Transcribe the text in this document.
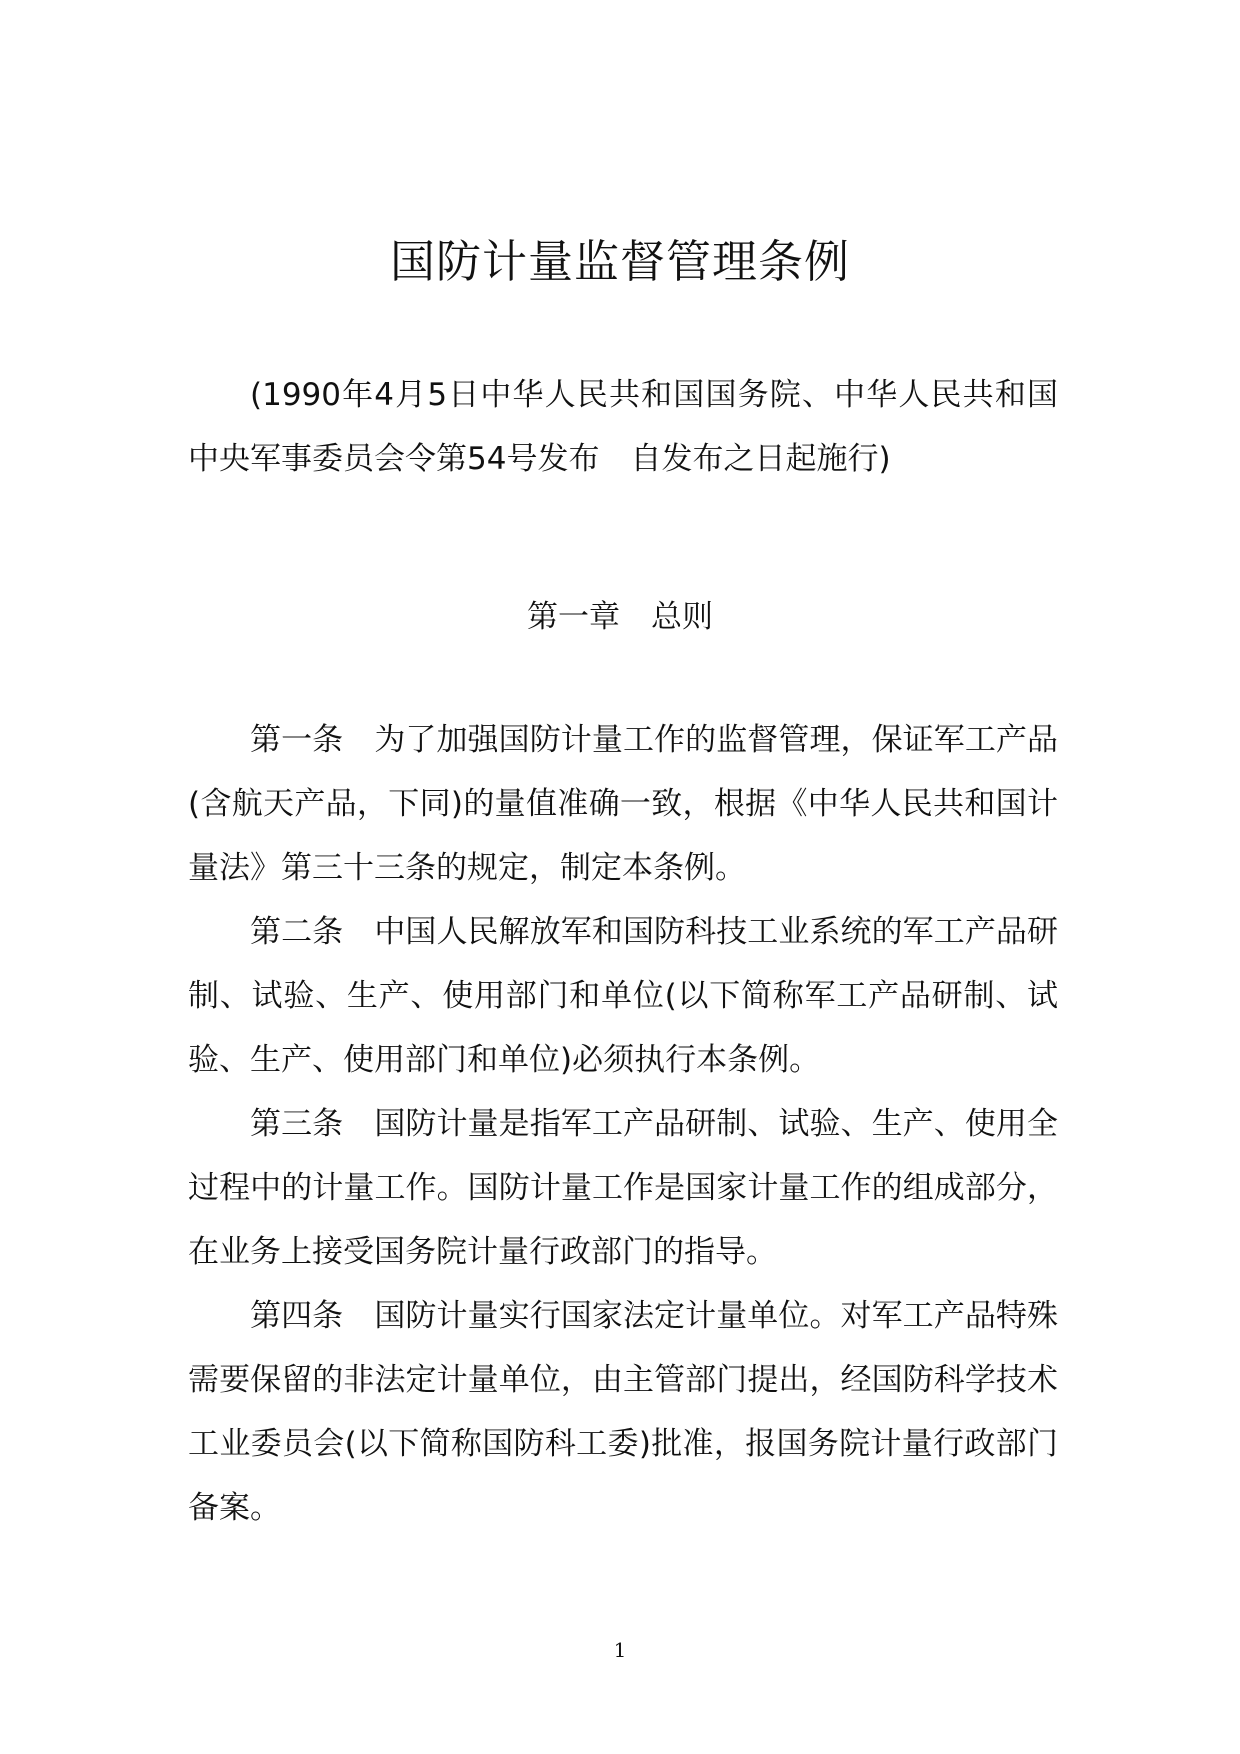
国防计量监督管理条例

(1990年4月5日中华人民共和国国务院、中华人民共和国中央军事委员会令第54号发布　自发布之日起施行)

第一章　总则

第一条　为了加强国防计量工作的监督管理，保证军工产品(含航天产品，下同)的量值准确一致，根据《中华人民共和国计量法》第三十三条的规定，制定本条例。

第二条　中国人民解放军和国防科技工业系统的军工产品研制、试验、生产、使用部门和单位(以下简称军工产品研制、试验、生产、使用部门和单位)必须执行本条例。

第三条　国防计量是指军工产品研制、试验、生产、使用全过程中的计量工作。国防计量工作是国家计量工作的组成部分，在业务上接受国务院计量行政部门的指导。

第四条　国防计量实行国家法定计量单位。对军工产品特殊需要保留的非法定计量单位，由主管部门提出，经国防科学技术工业委员会(以下简称国防科工委)批准，报国务院计量行政部门备案。

1
